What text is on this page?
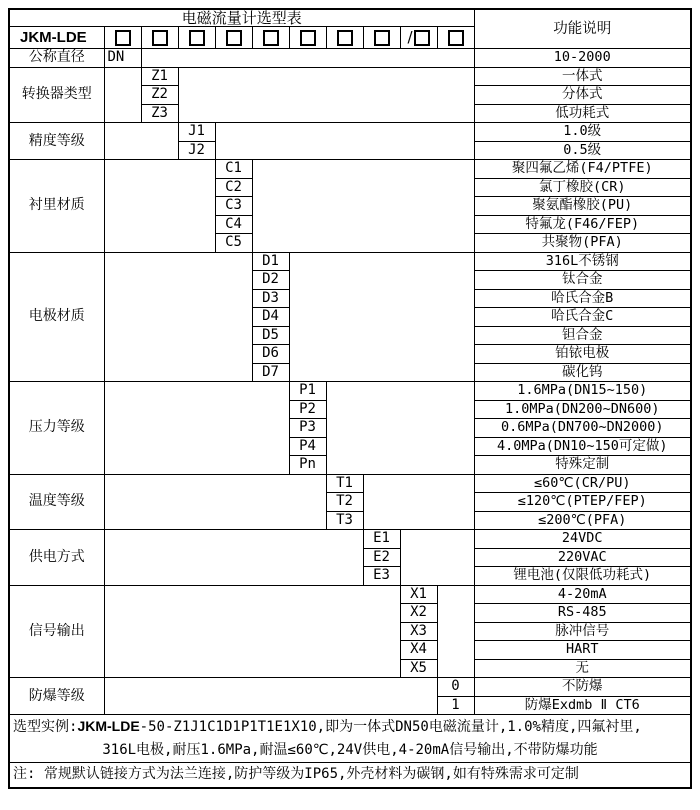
电磁流量计选型表											功能说明
JKM-LDE									/		
公称直径	DN										10-2000
转换器类型		Z1									一体式
		Z2									分体式
		Z3									低功耗式
精度等级			J1								1.0级
			J2								0.5级
衬里材质				C1							聚四氟乙烯(F4/PTFE)
				C2							氯丁橡胶(CR)
				C3							聚氨酯橡胶(PU)
				C4							特氟龙(F46/FEP)
				C5							共聚物(PFA)
电极材质					D1						316L不锈钢
					D2						钛合金
					D3						哈氏合金B
					D4						哈氏合金C
					D5						钽合金
					D6						铂铱电极
					D7						碳化钨
压力等级						P1					1.6MPa(DN15~150)
						P2					1.0MPa(DN200~DN600)
						P3					0.6MPa(DN700~DN2000)
						P4					4.0MPa(DN10~150可定做)
						Pn					特殊定制
温度等级							T1				≤60℃(CR/PU)
							T2				≤120℃(PTEP/FEP)
							T3				≤200℃(PFA)
供电方式								E1			24VDC
								E2			220VAC
								E3			锂电池(仅限低功耗式)
信号输出									X1		4-20mA
									X2		RS-485
									X3		脉冲信号
									X4		HART
									X5		无
防爆等级										0	不防爆
										1	防爆Exdmb Ⅱ CT6

选型实例:JKM-LDE-50-Z1J1C1D1P1T1E1X10,即为一体式DN50电磁流量计,1.0%精度,四氟衬里,
316L电极,耐压1.6MPa,耐温≤60℃,24V供电,4-20mA信号输出,不带防爆功能											

注: 常规默认链接方式为法兰连接,防护等级为IP65,外壳材料为碳钢,如有特殊需求可定制											
